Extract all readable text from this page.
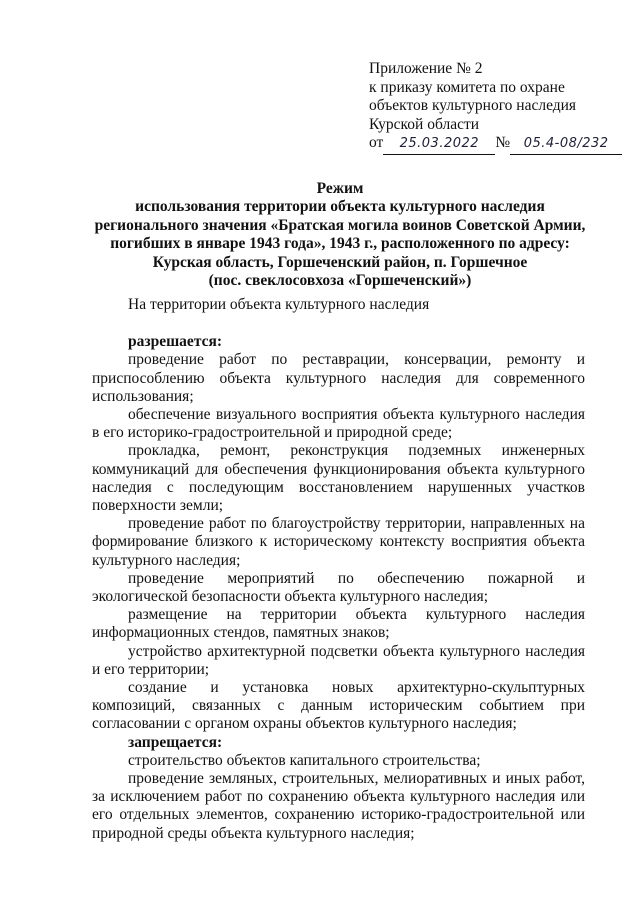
Приложение № 2
к приказу комитета по охране
объектов культурного наследия
Курской области
от 25.03.2022 № 05.4-08/232
Режим
использования территории объекта культурного наследия
регионального значения «Братская могила воинов Советской Армии,
погибших в январе 1943 года», 1943 г., расположенного по адресу:
Курская область, Горшеченский район, п. Горшечное
(пос. свеклосовхоза «Горшеченский»)

На территории объекта культурного наследия

разрешается:

проведение работ по реставрации, консервации, ремонту и приспособлению объекта культурного наследия для современного использования;

обеспечение визуального восприятия объекта культурного наследия в его историко-градостроительной и природной среде;

прокладка, ремонт, реконструкция подземных инженерных коммуникаций для обеспечения функционирования объекта культурного наследия с последующим восстановлением нарушенных участков поверхности земли;

проведение работ по благоустройству территории, направленных на формирование близкого к историческому контексту восприятия объекта культурного наследия;

проведение мероприятий по обеспечению пожарной и экологической безопасности объекта культурного наследия;

размещение на территории объекта культурного наследия информационных стендов, памятных знаков;

устройство архитектурной подсветки объекта культурного наследия и его территории;

создание и установка новых архитектурно-скульптурных композиций, связанных с данным историческим событием при согласовании с органом охраны объектов культурного наследия;

запрещается:

строительство объектов капитального строительства;

проведение земляных, строительных, мелиоративных и иных работ, за исключением работ по сохранению объекта культурного наследия или его отдельных элементов, сохранению историко-градостроительной или природной среды объекта культурного наследия;
